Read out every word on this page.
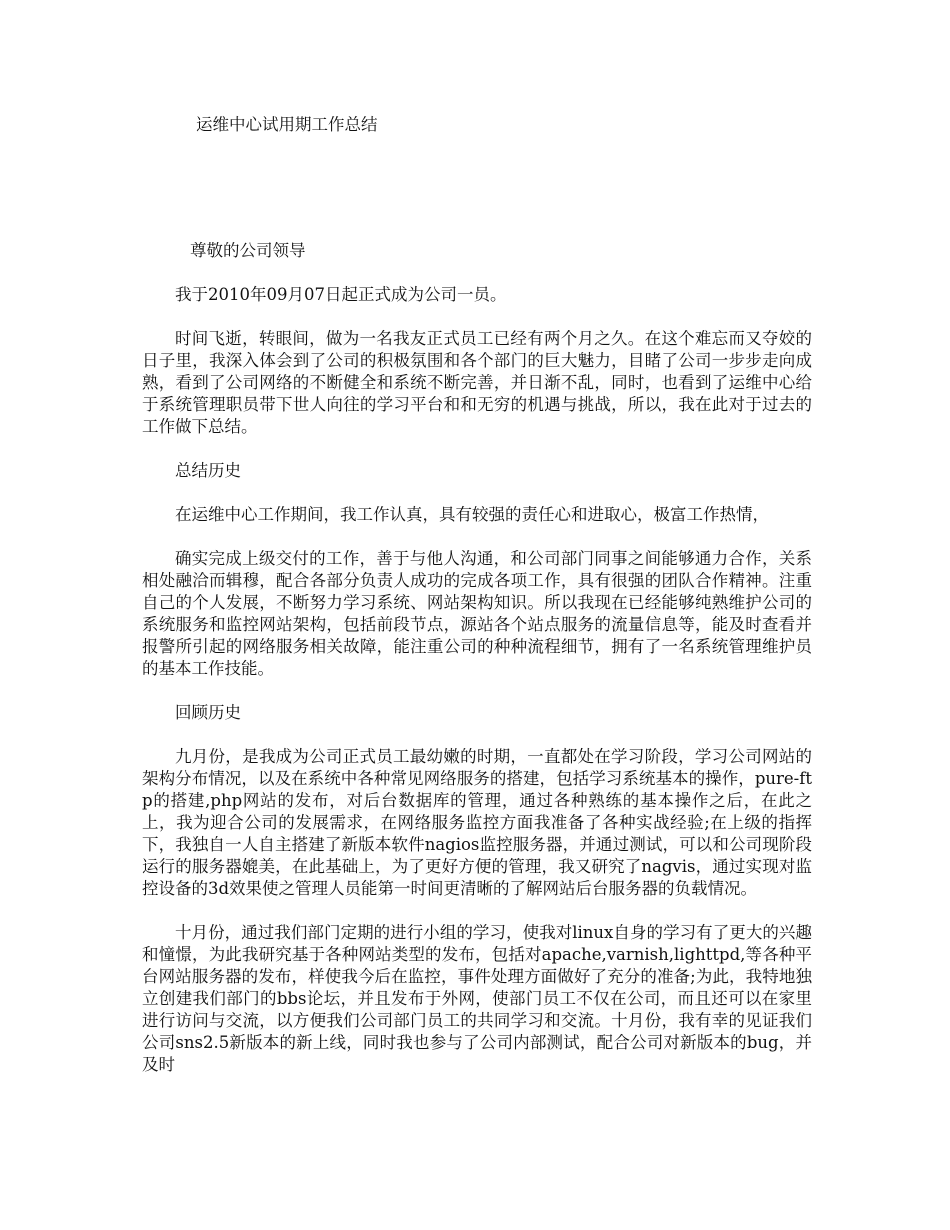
运维中心试用期工作总结

尊敬的公司领导

我于2010年09月07日起正式成为公司一员。

时间飞逝，转眼间，做为一名我友正式员工已经有两个月之久。在这个难忘而又夺姣的日子里，我深入体会到了公司的积极氛围和各个部门的巨大魅力，目睹了公司一步步走向成熟，看到了公司网络的不断健全和系统不断完善，并日渐不乱，同时，也看到了运维中心给于系统管理职员带下世人向往的学习平台和和无穷的机遇与挑战，所以，我在此对于过去的工作做下总结。

总结历史

在运维中心工作期间，我工作认真，具有较强的责任心和进取心，极富工作热情，

确实完成上级交付的工作，善于与他人沟通，和公司部门同事之间能够通力合作，关系相处融洽而辑穆，配合各部分负责人成功的完成各项工作，具有很强的团队合作精神。注重自己的个人发展，不断努力学习系统、网站架构知识。所以我现在已经能够纯熟维护公司的系统服务和监控网站架构，包括前段节点，源站各个站点服务的流量信息等，能及时查看并报警所引起的网络服务相关故障，能注重公司的种种流程细节，拥有了一名系统管理维护员的基本工作技能。

回顾历史

九月份，是我成为公司正式员工最幼嫩的时期，一直都处在学习阶段，学习公司网站的架构分布情况，以及在系统中各种常见网络服务的搭建，包括学习系统基本的操作，pure-ftp的搭建,php网站的发布，对后台数据库的管理，通过各种熟练的基本操作之后，在此之上，我为迎合公司的发展需求，在网络服务监控方面我准备了各种实战经验;在上级的指挥下，我独自一人自主搭建了新版本软件nagios监控服务器，并通过测试，可以和公司现阶段运行的服务器媲美，在此基础上，为了更好方便的管理，我又研究了nagvis，通过实现对监控设备的3d效果使之管理人员能第一时间更清晰的了解网站后台服务器的负载情况。

十月份，通过我们部门定期的进行小组的学习，使我对linux自身的学习有了更大的兴趣和憧憬，为此我研究基于各种网站类型的发布，包括对apache,varnish,lighttpd,等各种平台网站服务器的发布，样使我今后在监控，事件处理方面做好了充分的准备;为此，我特地独立创建我们部门的bbs论坛，并且发布于外网，使部门员工不仅在公司，而且还可以在家里进行访问与交流，以方便我们公司部门员工的共同学习和交流。十月份，我有幸的见证我们公司sns2.5新版本的新上线，同时我也参与了公司内部测试，配合公司对新版本的bug，并及时
